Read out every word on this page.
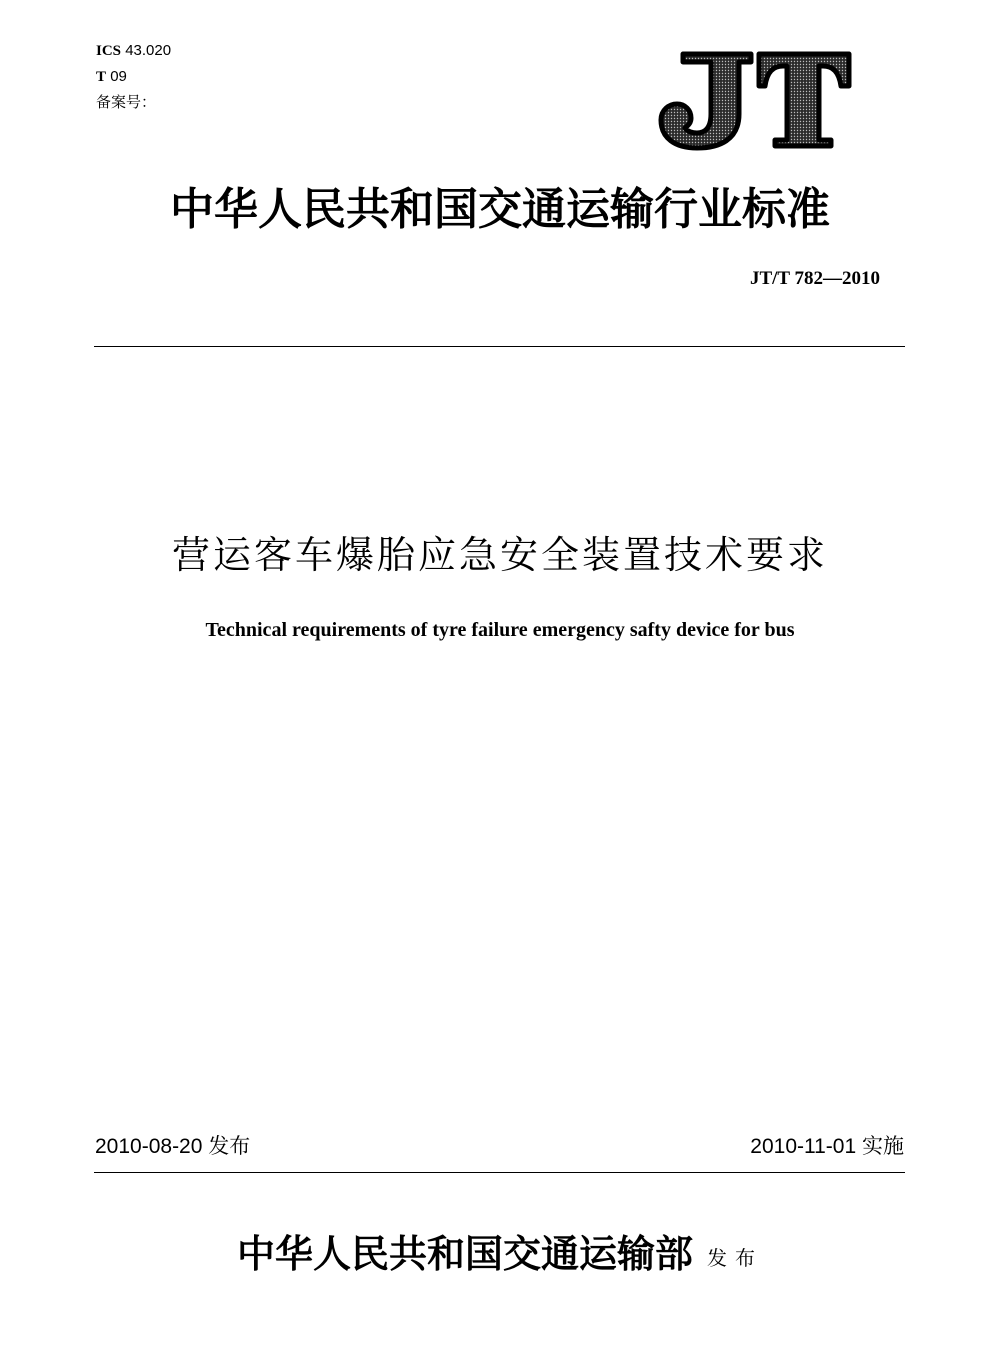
ICS 43.020
T 09
备案号：
中华人民共和国交通运输行业标准
JT/T 782—2010
营运客车爆胎应急安全装置技术要求
Technical requirements of tyre failure emergency safty device for bus
2010-08-20 发布	2010-11-01 实施
中华人民共和国交通运输部 发布
